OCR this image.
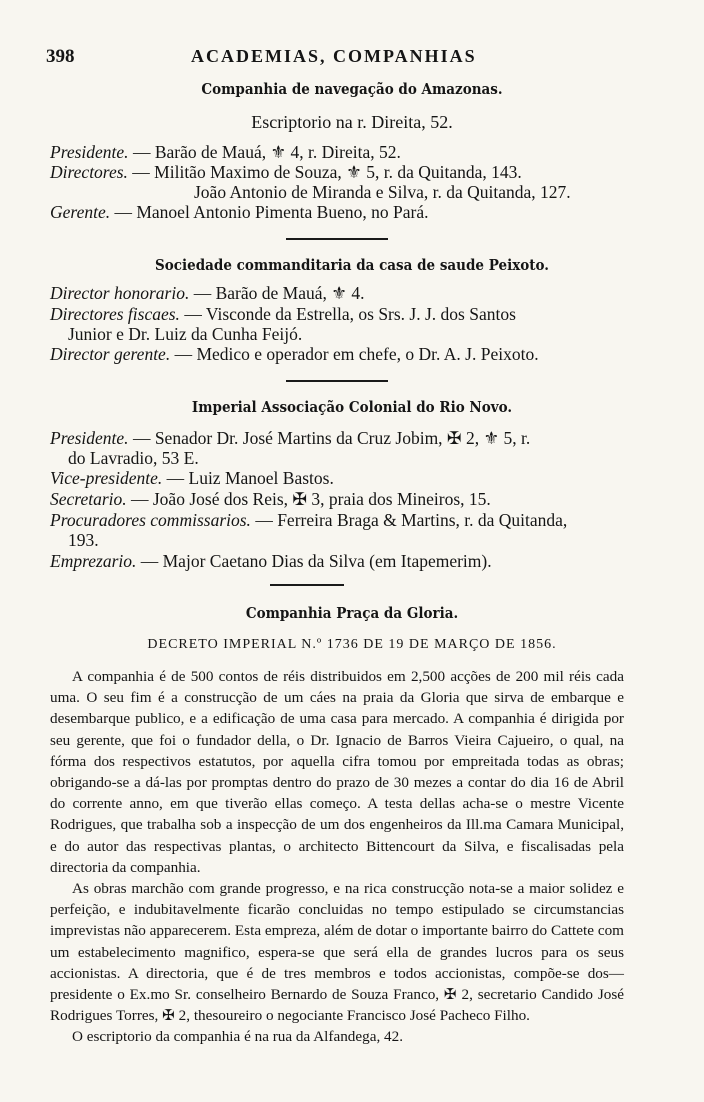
398	ACADEMIAS, COMPANHIAS
Companhia de navegação do Amazonas.
Escriptorio na r. Direita, 52.
Presidente. — Barão de Mauá, ⚜ 4, r. Direita, 52.
Directores. — Militão Maximo de Souza, ⚜ 5, r. da Quitanda, 143.
João Antonio de Miranda e Silva, r. da Quitanda, 127.
Gerente. — Manoel Antonio Pimenta Bueno, no Pará.
Sociedade commanditaria da casa de saude Peixoto.
Director honorario. — Barão de Mauá, ⚜ 4.
Directores fiscaes. — Visconde da Estrella, os Srs. J. J. dos Santos
Junior e Dr. Luiz da Cunha Feijó.
Director gerente. — Medico e operador em chefe, o Dr. A. J. Peixoto.
Imperial Associação Colonial do Rio Novo.
Presidente. — Senador Dr. José Martins da Cruz Jobim, ✠ 2, ⚜ 5, r.
do Lavradio, 53 E.
Vice-presidente. — Luiz Manoel Bastos.
Secretario. — João José dos Reis, ✠ 3, praia dos Mineiros, 15.
Procuradores commissarios. — Ferreira Braga & Martins, r. da Quitanda,
193.
Emprezario. — Major Caetano Dias da Silva (em Itapemerim).
Companhia Praça da Gloria.
DECRETO IMPERIAL N.º 1736 DE 19 DE MARÇO DE 1856.

A companhia é de 500 contos de réis distribuidos em 2,500 acções de 200 mil réis cada uma. O seu fim é a construcção de um cáes na praia da Gloria que sirva de embarque e desembarque publico, e a edificação de uma casa para mercado. A companhia é dirigida por seu gerente, que foi o fundador della, o Dr. Ignacio de Barros Vieira Cajueiro, o qual, na fórma dos respectivos estatutos, por aquella cifra tomou por empreitada todas as obras; obrigando-se a dá-las por promptas dentro do prazo de 30 mezes a contar do dia 16 de Abril do corrente anno, em que tiverão ellas começo. A testa dellas acha-se o mestre Vicente Rodrigues, que trabalha sob a inspecção de um dos engenheiros da Ill.ma Camara Municipal, e do autor das respectivas plantas, o architecto Bittencourt da Silva, e fiscalisadas pela directoria da companhia.

As obras marchão com grande progresso, e na rica construcção nota-se a maior solidez e perfeição, e indubitavelmente ficarão concluidas no tempo estipulado se circumstancias imprevistas não apparecerem. Esta empreza, além de dotar o importante bairro do Cattete com um estabelecimento magnifico, espera-se que será ella de grandes lucros para os seus accionistas. A directoria, que é de tres membros e todos accionistas, compõe-se dos—presidente o Ex.mo Sr. conselheiro Bernardo de Souza Franco, ✠ 2, secretario Candido José Rodrigues Torres, ✠ 2, thesoureiro o negociante Francisco José Pacheco Filho.

O escriptorio da companhia é na rua da Alfandega, 42.
